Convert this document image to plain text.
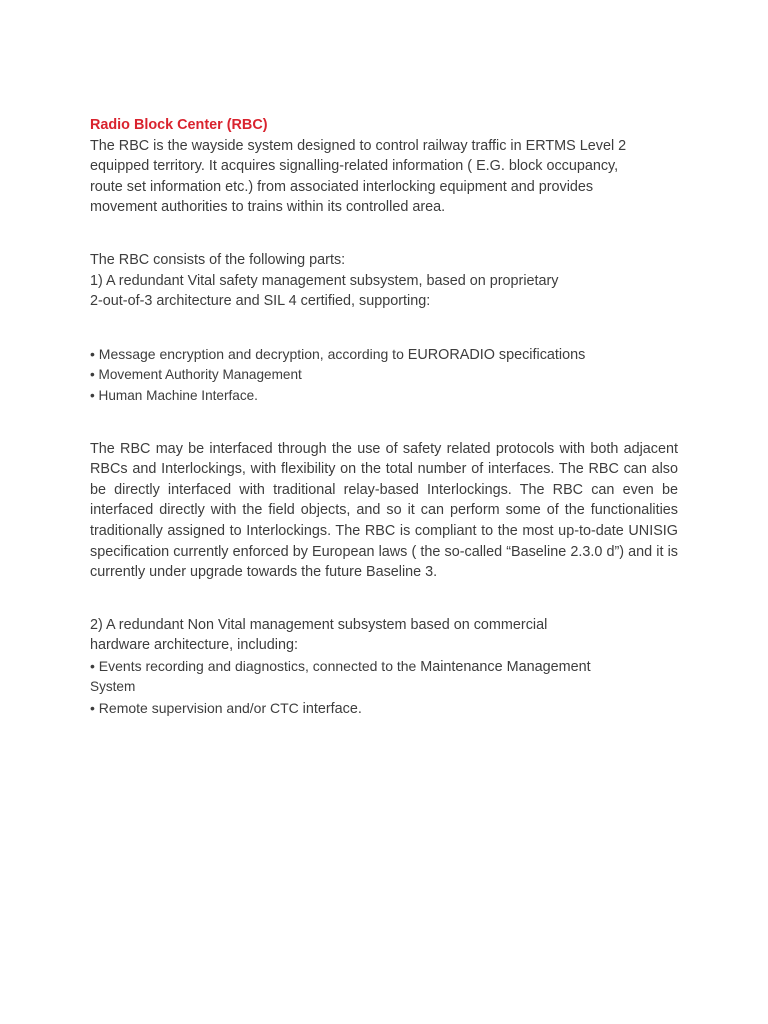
Radio Block Center (RBC)
The RBC is the wayside system designed to control railway traffic in ERTMS Level 2
equipped territory. It acquires signalling-related information ( E.G. block occupancy,
route set information etc.) from associated interlocking equipment and provides
movement authorities to trains within its controlled area.
The RBC consists of the following parts:
1) A redundant Vital safety management subsystem, based on proprietary
2-out-of-3 architecture and SIL 4 certified, supporting:
• Message encryption and decryption, according to EURORADIO specifications
• Movement Authority Management
• Human Machine Interface.
The RBC may be interfaced through the use of safety related protocols with both adjacent RBCs and Interlockings, with flexibility on the total number of interfaces. The RBC can also be directly interfaced with traditional relay-based Interlockings. The RBC can even be interfaced directly with the field objects, and so it can perform some of the functionalities traditionally assigned to Interlockings. The RBC is compliant to the most up-to-date UNISIG specification currently enforced by European laws ( the so-called “Baseline 2.3.0 d”) and it is currently under upgrade towards the future Baseline 3.
2) A redundant Non Vital management subsystem based on commercial
hardware architecture, including:
• Events recording and diagnostics, connected to the Maintenance Management
System
• Remote supervision and/or CTC interface.
